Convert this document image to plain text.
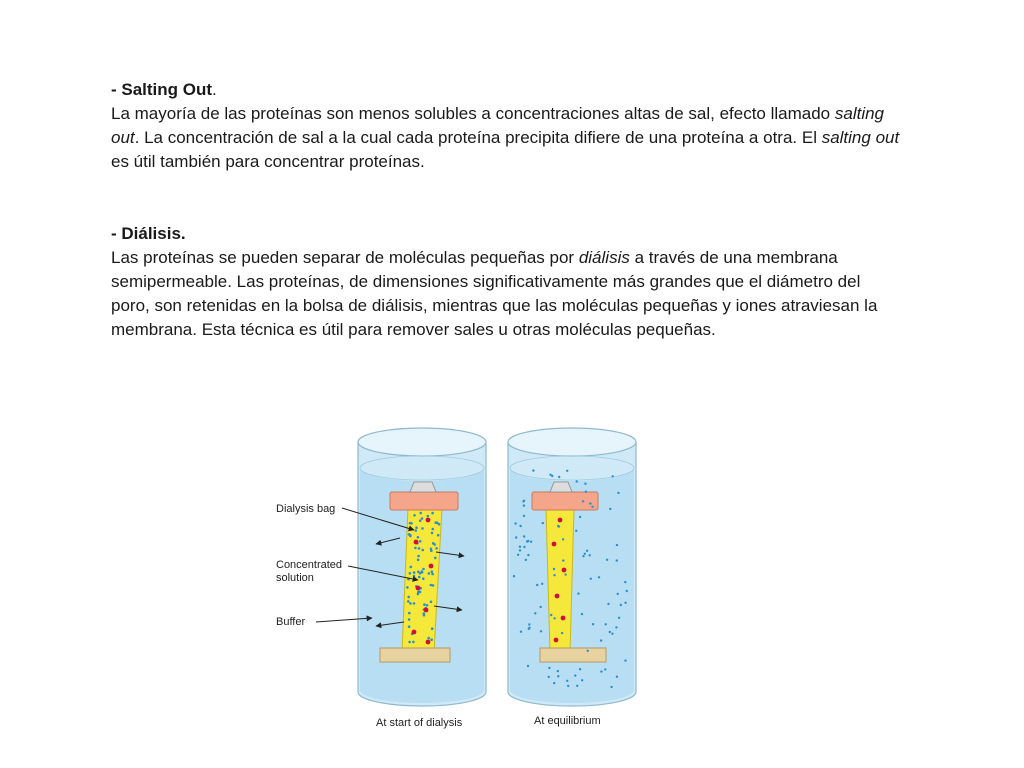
- Salting Out.

La mayoría de las proteínas son menos solubles a concentraciones altas de sal, efecto llamado salting out. La concentración de sal a la cual cada proteína precipita difiere de una proteína a otra. El salting out es útil también para concentrar proteínas.

- Diálisis.

Las proteínas se pueden separar de moléculas pequeñas por diálisis a través de una membrana semipermeable. Las proteínas, de dimensiones significativamente más grandes que el diámetro del poro, son retenidas en la bolsa de diálisis, mientras que las moléculas pequeñas y iones atraviesan la membrana. Esta técnica es útil para remover sales u otras moléculas pequeñas.

Dialysis bag
Concentrated
solution
Buffer
At start of dialysis	At equilibrium
